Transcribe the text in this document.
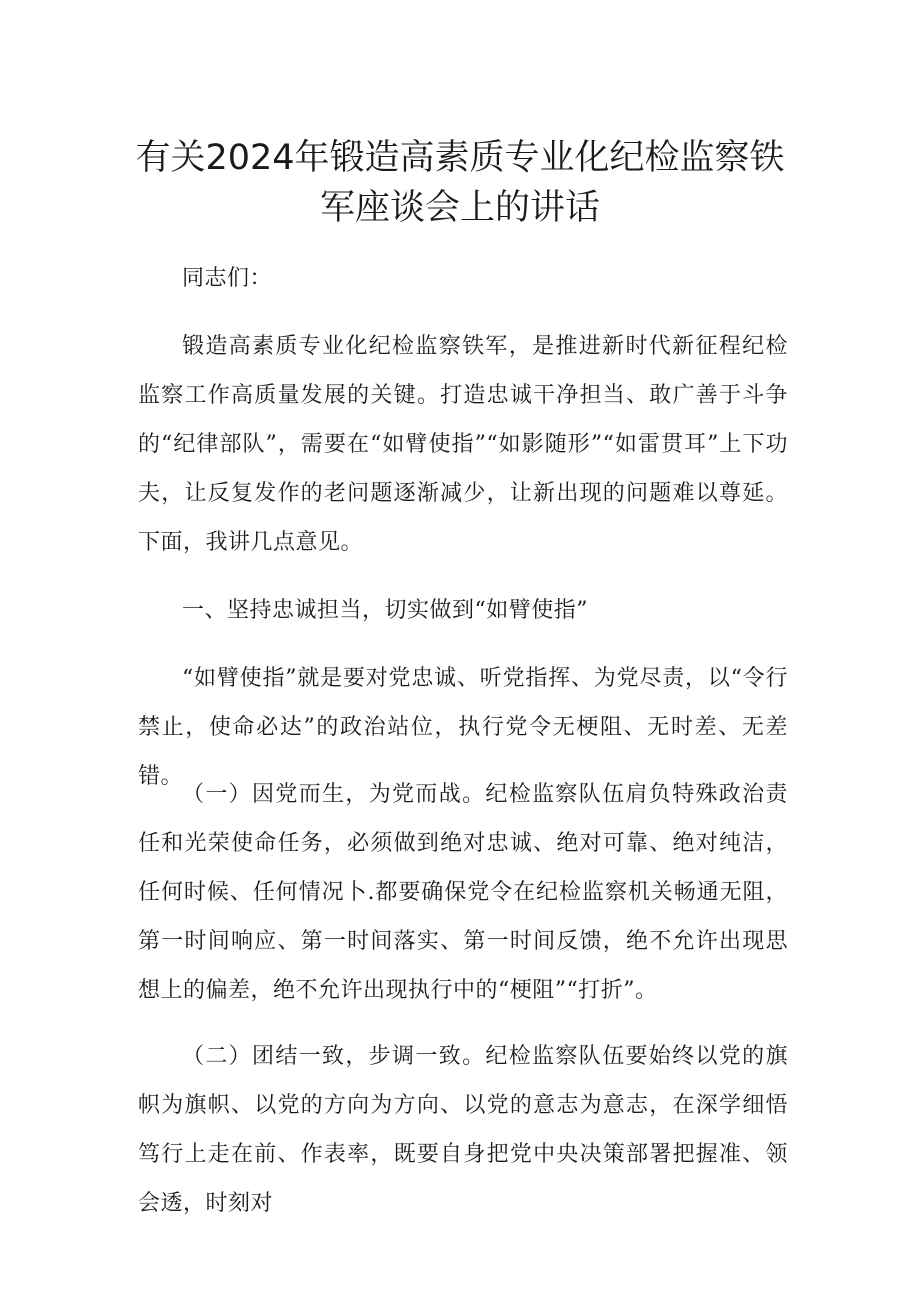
有关2024年锻造高素质专业化纪检监察铁
军座谈会上的讲话

同志们：

锻造高素质专业化纪检监察铁军，是推进新时代新征程纪检监察工作高质量发展的关键。打造忠诚干净担当、敢广善于斗争的“纪律部队”，需要在“如臂使指”“如影随形”“如雷贯耳”上下功夫，让反复发作的老问题逐渐减少，让新出现的问题难以尊延。下面，我讲几点意见。

一、坚持忠诚担当，切实做到“如臂使指”

“如臂使指”就是要对党忠诚、听党指挥、为党尽责，以“令行禁止，使命必达”的政治站位，执行党令无梗阻、无时差、无差错。

（一）因党而生，为党而战。纪检监察队伍肩负特殊政治责任和光荣使命任务，必须做到绝对忠诚、绝对可靠、绝对纯洁，任何时候、任何情况卜.都要确保党令在纪检监察机关畅通无阻，第一时间响应、第一时间落实、第一时间反馈，绝不允许出现思想上的偏差，绝不允许出现执行中的“梗阻”“打折”。

（二）团结一致，步调一致。纪检监察队伍要始终以党的旗帜为旗帜、以党的方向为方向、以党的意志为意志，在深学细悟笃行上走在前、作表率，既要自身把党中央决策部署把握准、领会透，时刻对
